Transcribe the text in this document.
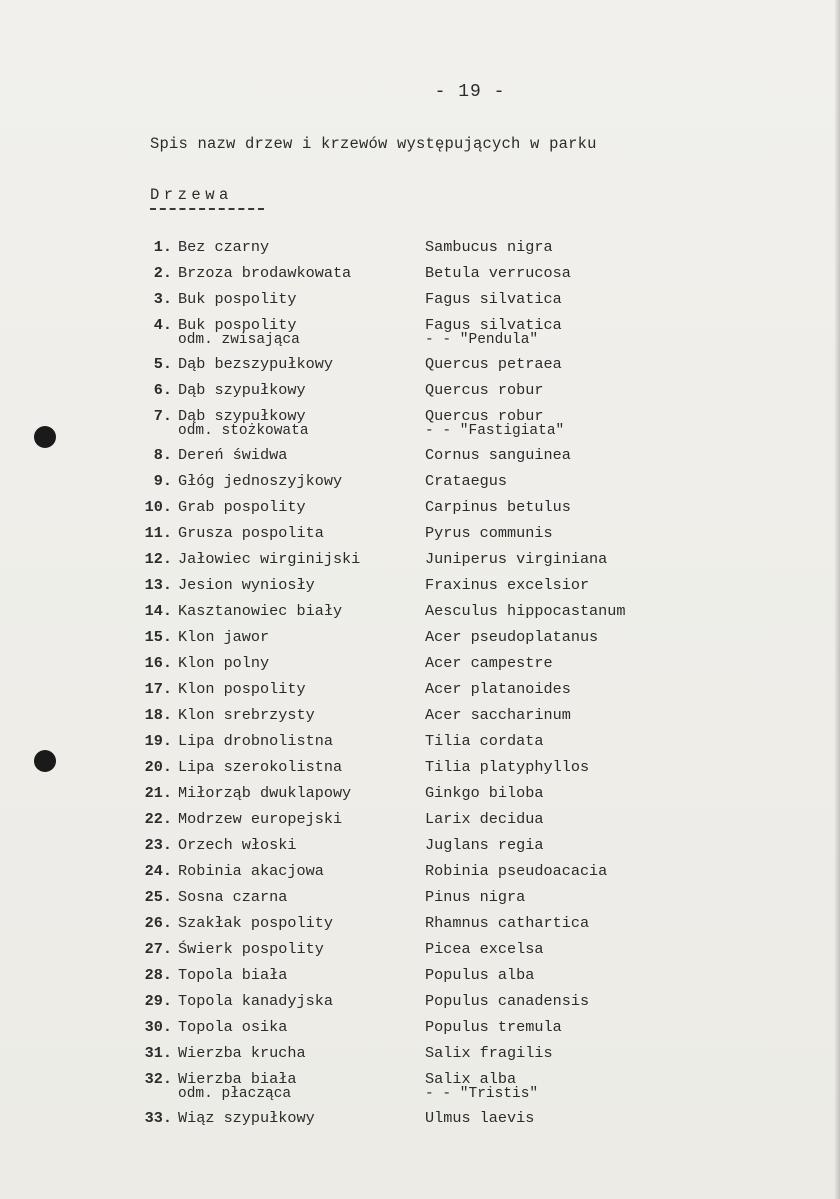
- 19 -
Spis nazw drzew i krzewów występujących w parku
Drzewa
1. Bez czarny	Sambucus nigra
2. Brzoza brodawkowata	Betula verrucosa
3. Buk pospolity	Fagus silvatica
4. Buk pospolity	Fagus silvatica
odm. zwisająca	- - "Pendula"
5. Dąb bezszypułkowy	Quercus petraea
6. Dąb szypułkowy	Quercus robur
7. Dąb szypułkowy	Quercus robur
odm. stożkowata	- - "Fastigiata"
8. Dereń świdwa	Cornus sanguinea
9. Głóg jednoszyjkowy	Crataegus
10. Grab pospolity	Carpinus betulus
11. Grusza pospolita	Pyrus communis
12. Jałowiec wirginijski	Juniperus virginiana
13. Jesion wyniosły	Fraxinus excelsior
14. Kasztanowiec biały	Aesculus hippocastanum
15. Klon jawor	Acer pseudoplatanus
16. Klon polny	Acer campestre
17. Klon pospolity	Acer platanoides
18. Klon srebrzysty	Acer saccharinum
19. Lipa drobnolistna	Tilia cordata
20. Lipa szerokolistna	Tilia platyphyllos
21. Miłorząb dwuklapowy	Ginkgo biloba
22. Modrzew europejski	Larix decidua
23. Orzech włoski	Juglans regia
24. Robinia akacjowa	Robinia pseudoacacia
25. Sosna czarna	Pinus nigra
26. Szakłak pospolity	Rhamnus cathartica
27. Świerk pospolity	Picea excelsa
28. Topola biała	Populus alba
29. Topola kanadyjska	Populus canadensis
30. Topola osika	Populus tremula
31. Wierzba krucha	Salix fragilis
32. Wierzba biała	Salix alba
odm. płacząca	- - "Tristis"
33. Wiąz szypułkowy	Ulmus laevis
